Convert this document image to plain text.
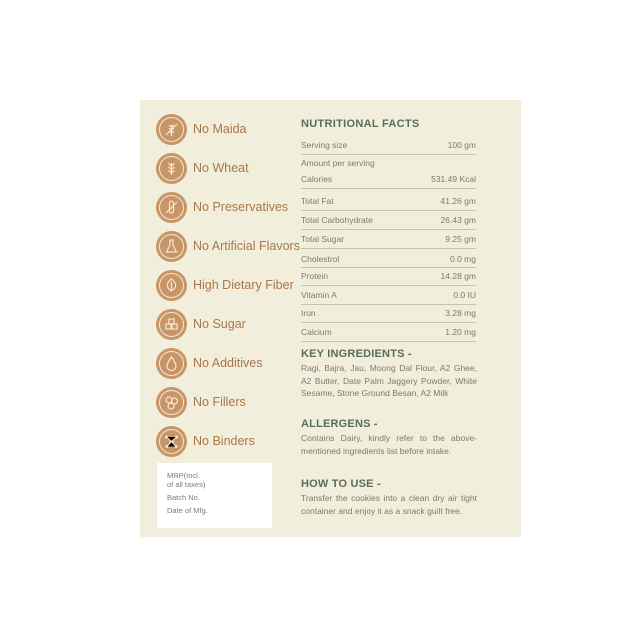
No Maida
No Wheat
No Preservatives
No Artificial Flavors
High Dietary Fiber
No Sugar
No Additives
No Fillers
No Binders
MRP(Incl.
of all taxes)
Batch No.
Date of Mfg.
NUTRITIONAL FACTS
Serving size	100 gm
Amount per serving
Calories	531.49 Kcal
Total Fat	41.26 gm
Total Carbohydrate	26.43 gm
Total Sugar	9.25 gm
Cholestrol	0.0 mg
Protein	14.28 gm
Vitamin A	0.0 IU
Iron	3.28 mg
Calcium	1.20 mg
KEY INGREDIENTS -
Ragi, Bajra, Jau, Moong Dal Flour, A2 Ghee, A2 Butter, Date Palm Jaggery Powder, White Sesame, Stone Ground Besan, A2 Milk
ALLERGENS -
Contains Dairy, kindly refer to the above-mentioned ingredients list before intake.
HOW TO USE -
Transfer the cookies into a clean dry air tight container and enjoy it as a snack guilt free.
